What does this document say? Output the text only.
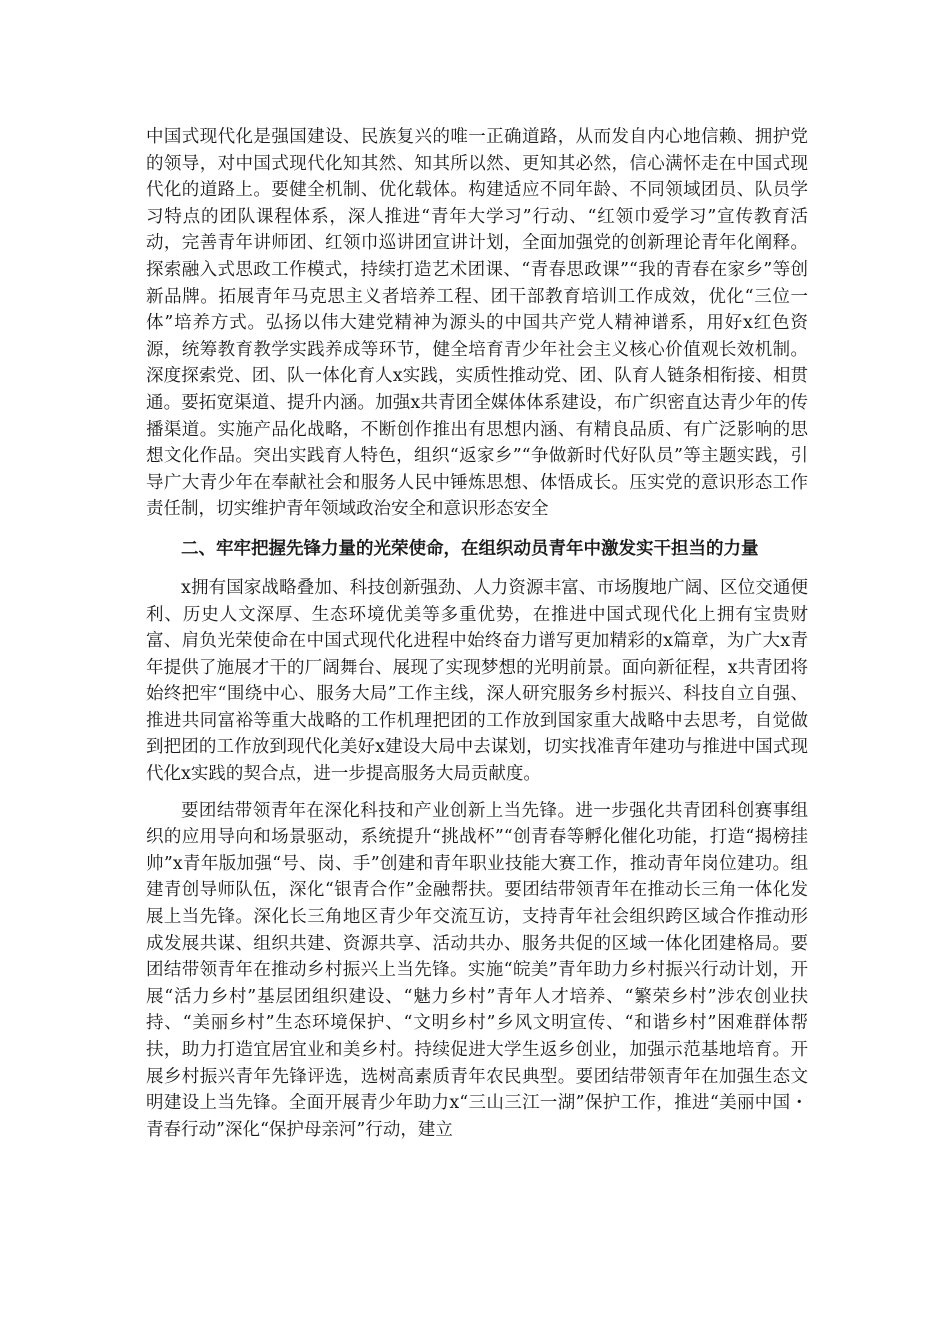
中国式现代化是强国建设、民族复兴的唯一正确道路，从而发自内心地信赖、拥护党的领导，对中国式现代化知其然、知其所以然、更知其必然，信心满怀走在中国式现代化的道路上。要健全机制、优化载体。构建适应不同年龄、不同领域团员、队员学习特点的团队课程体系，深人推进“青年大学习”行动、“红领巾爱学习”宣传教育活动，完善青年讲师团、红领巾巡讲团宣讲计划，全面加强党的创新理论青年化阐释。探索融入式思政工作模式，持续打造艺术团课、“青春思政课”“我的青春在家乡”等创新品牌。拓展青年马克思主义者培养工程、团干部教育培训工作成效，优化“三位一体”培养方式。弘扬以伟大建党精神为源头的中国共产党人精神谱系，用好x红色资源，统筹教育教学实践养成等环节，健全培育青少年社会主义核心价值观长效机制。深度探索党、团、队一体化育人x实践，实质性推动党、团、队育人链条相衔接、相贯通。要拓宽渠道、提升内涵。加强x共青团全媒体体系建设，布广织密直达青少年的传播渠道。实施产品化战略，不断创作推出有思想内涵、有精良品质、有广泛影响的思想文化作品。突出实践育人特色，组织“返家乡”“争做新时代好队员”等主题实践，引导广大青少年在奉献社会和服务人民中锤炼思想、体悟成长。压实党的意识形态工作责任制，切实维护青年领域政治安全和意识形态安全

二、牢牢把握先锋力量的光荣使命，在组织动员青年中激发实干担当的力量

x拥有国家战略叠加、科技创新强劲、人力资源丰富、市场腹地广阔、区位交通便利、历史人文深厚、生态环境优美等多重优势，在推进中国式现代化上拥有宝贵财富、肩负光荣使命在中国式现代化进程中始终奋力谱写更加精彩的x篇章，为广大x青年提供了施展才干的厂阔舞台、展现了实现梦想的光明前景。面向新征程，x共青团将始终把牢“围绕中心、服务大局”工作主线，深人研究服务乡村振兴、科技自立自强、推进共同富裕等重大战略的工作机理把团的工作放到国家重大战略中去思考，自觉做到把团的工作放到现代化美好x建设大局中去谋划，切实找准青年建功与推进中国式现代化x实践的契合点，进一步提高服务大局贡献度。

要团结带领青年在深化科技和产业创新上当先锋。进一步强化共青团科创赛事组织的应用导向和场景驱动，系统提升“挑战杯”“创青春等孵化催化功能，打造“揭榜挂帅”x青年版加强“号、岗、手”创建和青年职业技能大赛工作，推动青年岗位建功。组建青创导师队伍，深化“银青合作”金融帮扶。要团结带领青年在推动长三角一体化发展上当先锋。深化长三角地区青少年交流互访，支持青年社会组织跨区域合作推动形成发展共谋、组织共建、资源共享、活动共办、服务共促的区域一体化团建格局。要团结带领青年在推动乡村振兴上当先锋。实施“皖美”青年助力乡村振兴行动计划，开展“活力乡村”基层团组织建设、“魅力乡村”青年人才培养、“繁荣乡村”涉农创业扶持、“美丽乡村”生态环境保护、“文明乡村”乡风文明宣传、“和谐乡村”困难群体帮扶，助力打造宜居宜业和美乡村。持续促进大学生返乡创业，加强示范基地培育。开展乡村振兴青年先锋评选，选树高素质青年农民典型。要团结带领青年在加强生态文明建设上当先锋。全面开展青少年助力x“三山三江一湖”保护工作，推进“美丽中国・青春行动”深化“保护母亲河”行动，建立
